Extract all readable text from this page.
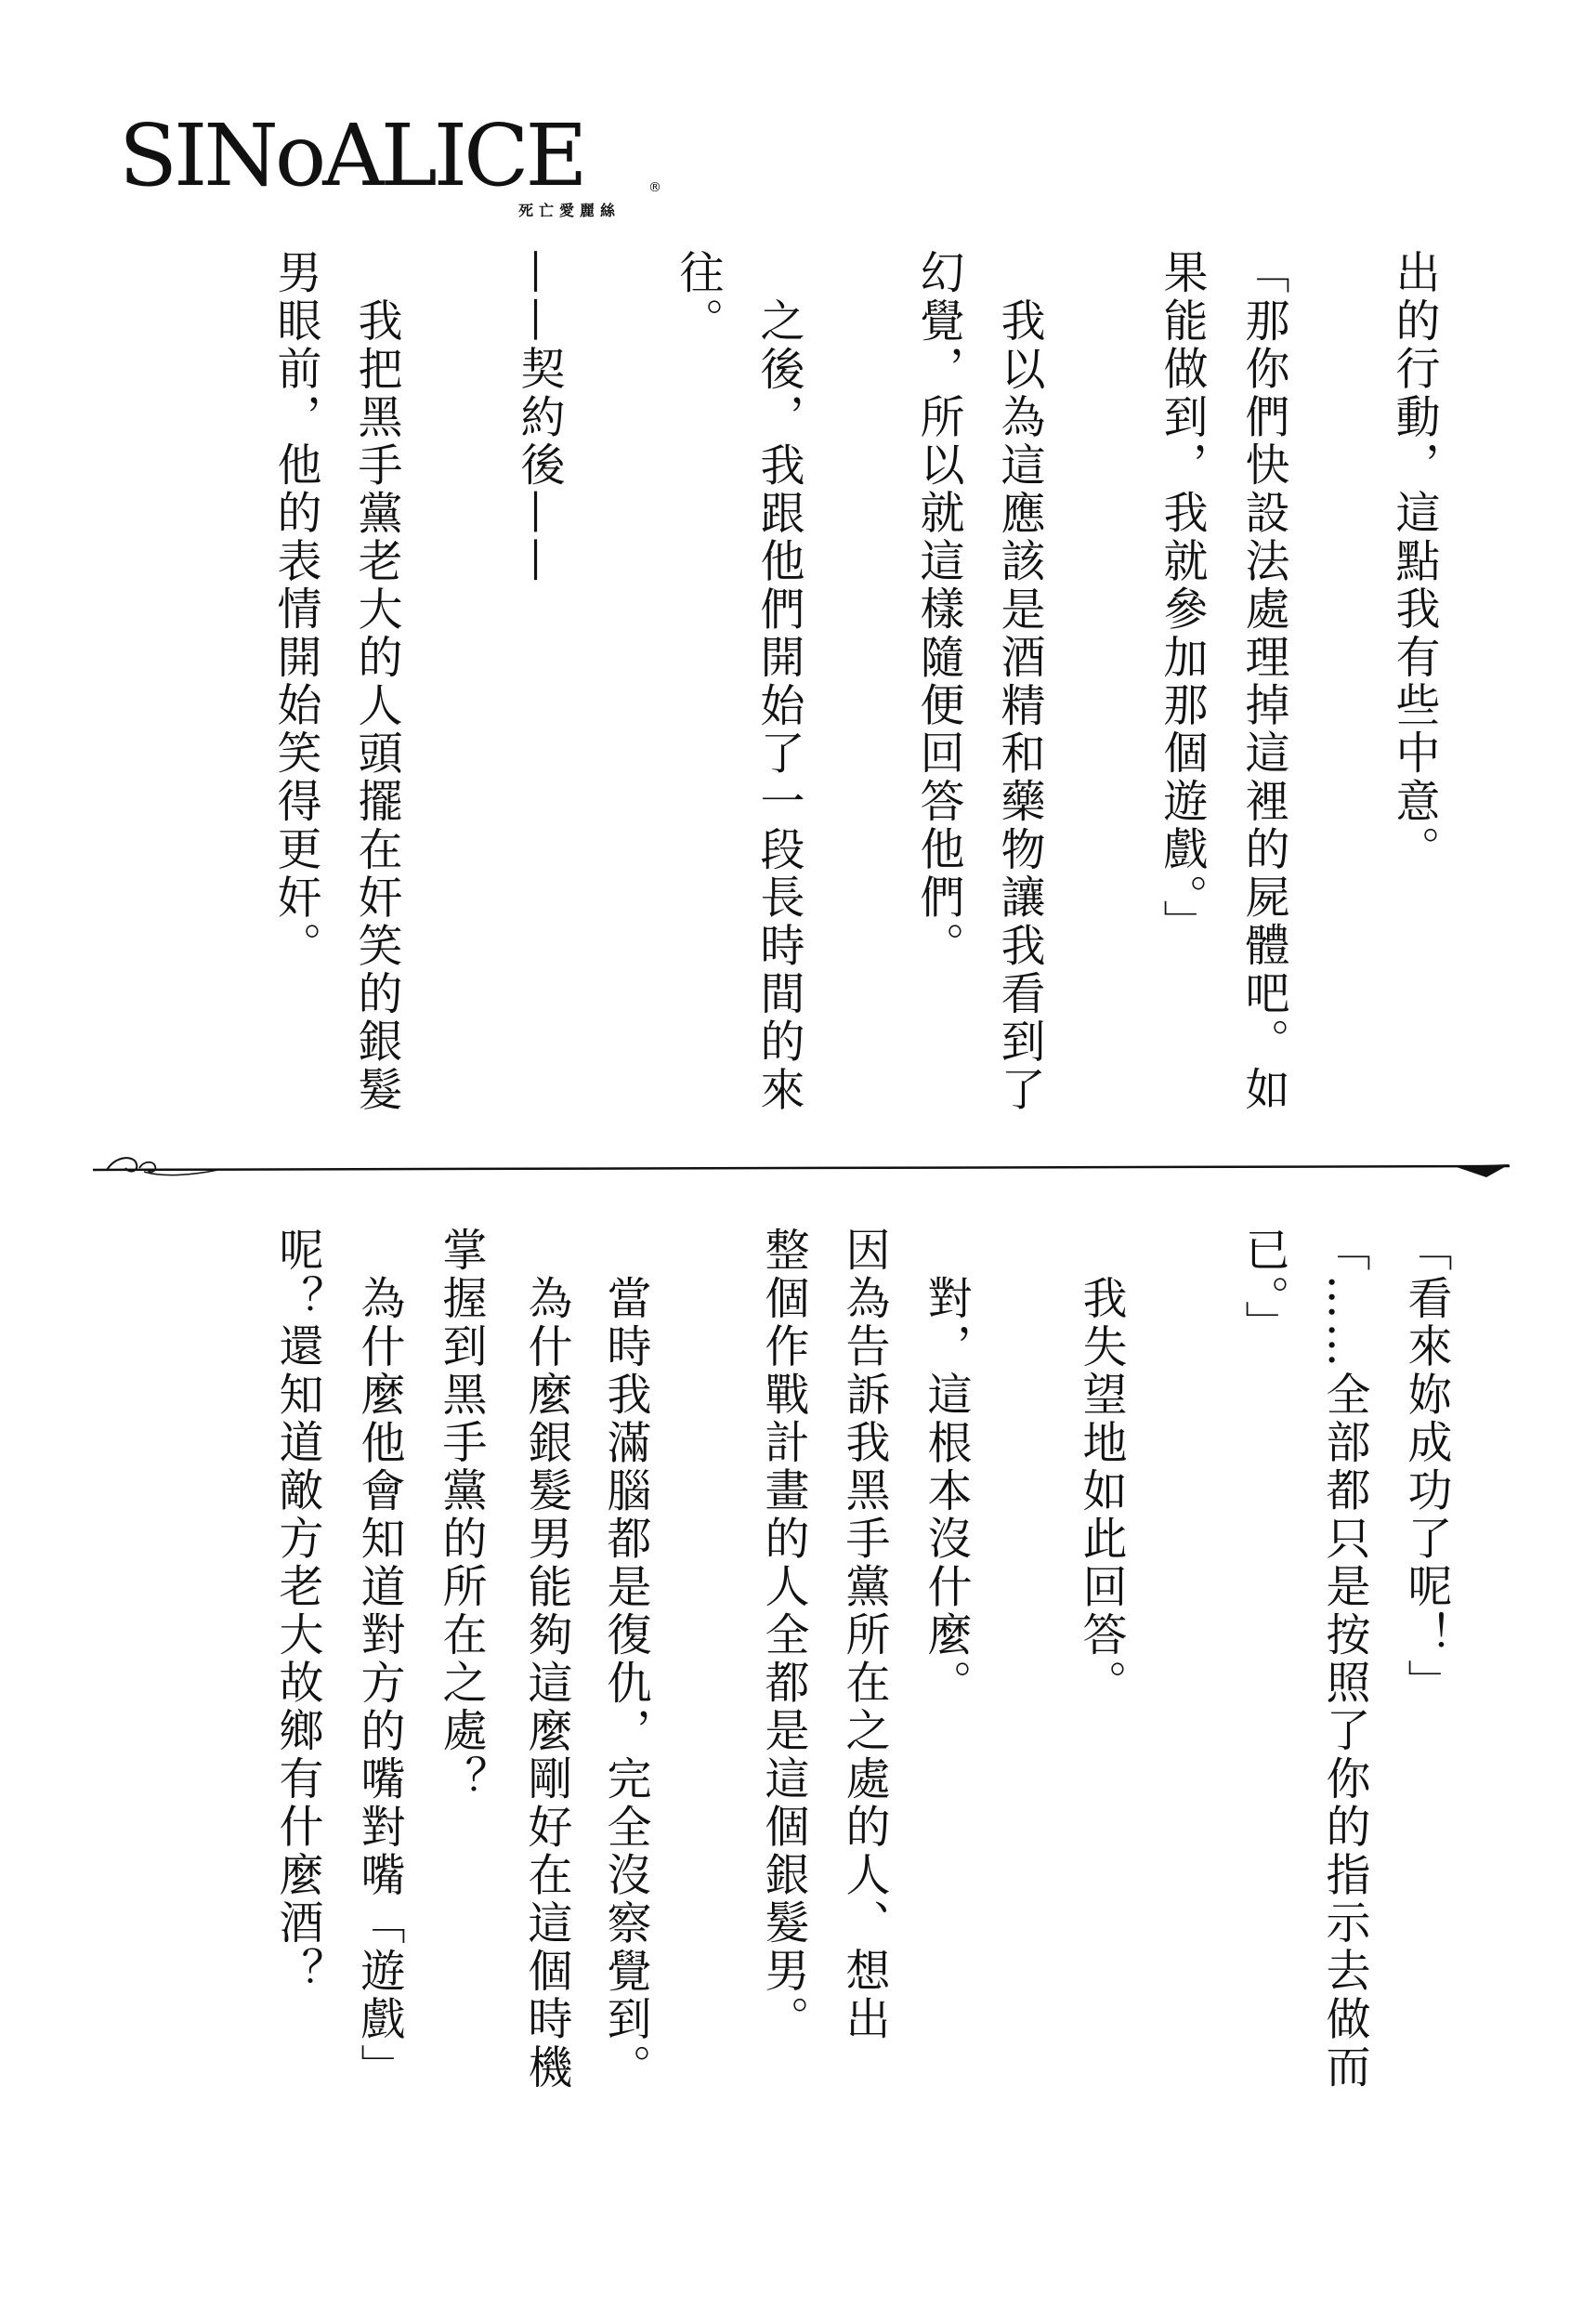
SINoALICE	®
死亡愛麗絲
出的行動，這點我有些中意。
「那你們快設法處理掉這裡的屍體吧。如
果能做到，我就參加那個遊戲。」
我以為這應該是酒精和藥物讓我看到了
幻覺，所以就這樣隨便回答他們。
之後，我跟他們開始了一段長時間的來
往。
——契約後——
我把黑手黨老大的人頭擺在奸笑的銀髮
男眼前，他的表情開始笑得更奸。
「看來妳成功了呢！」
「……全部都只是按照了你的指示去做而
已。」
我失望地如此回答。
對，這根本沒什麼。
因為告訴我黑手黨所在之處的人、想出
整個作戰計畫的人全都是這個銀髮男。
當時我滿腦都是復仇，完全沒察覺到。
為什麼銀髮男能夠這麼剛好在這個時機
掌握到黑手黨的所在之處？
為什麼他會知道對方的嘴對嘴「遊戲」
呢？還知道敵方老大故鄉有什麼酒？
